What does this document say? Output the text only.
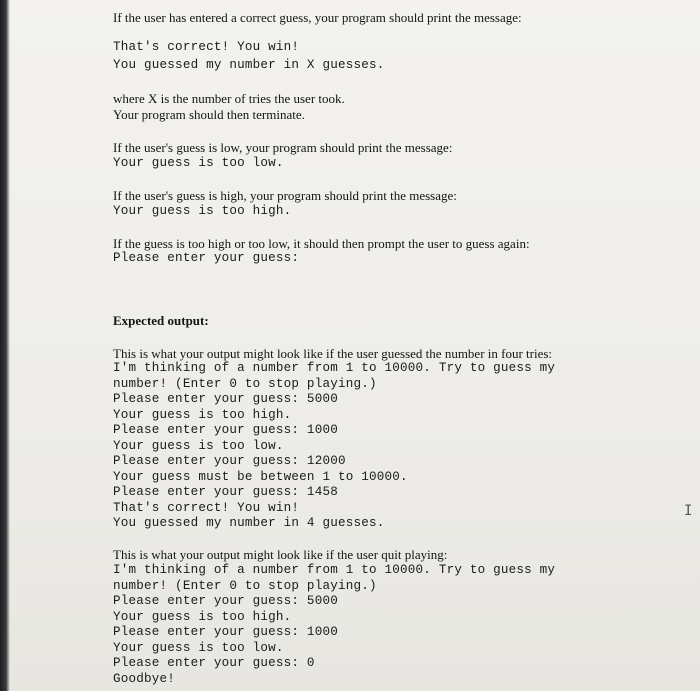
If the user has entered a correct guess, your program should print the message:

That's correct! You win!

You guessed my number in X guesses.

where X is the number of tries the user took.

Your program should then terminate.

If the user's guess is low, your program should print the message:

Your guess is too low.

If the user's guess is high, your program should print the message:

Your guess is too high.

If the guess is too high or too low, it should then prompt the user to guess again:

Please enter your guess:

Expected output:

This is what your output might look like if the user guessed the number in four tries:

I'm thinking of a number from 1 to 10000. Try to guess my

number! (Enter 0 to stop playing.)

Please enter your guess: 5000

Your guess is too high.

Please enter your guess: 1000

Your guess is too low.

Please enter your guess: 12000

Your guess must be between 1 to 10000.

Please enter your guess: 1458

That's correct! You win!

You guessed my number in 4 guesses.

This is what your output might look like if the user quit playing:

I'm thinking of a number from 1 to 10000. Try to guess my

number! (Enter 0 to stop playing.)

Please enter your guess: 5000

Your guess is too high.

Please enter your guess: 1000

Your guess is too low.

Please enter your guess: 0

Goodbye!

I
